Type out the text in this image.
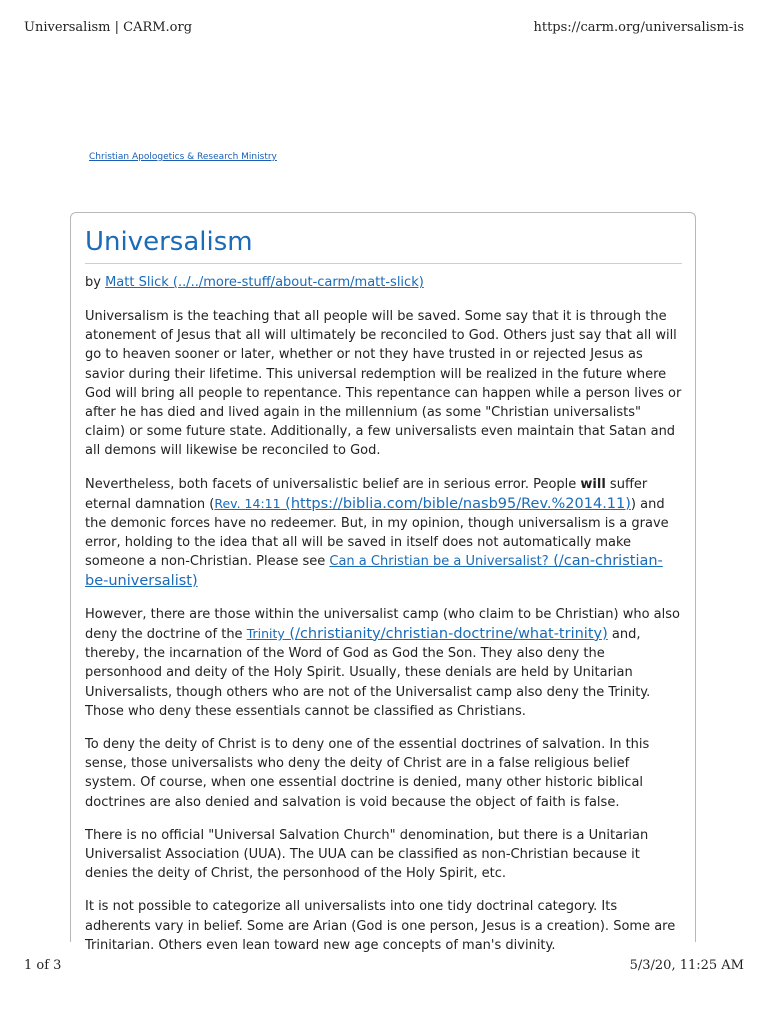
Universalism | CARM.org	https://carm.org/universalism-is
Christian Apologetics & Research Ministry
Universalism
by Matt Slick (../../more-stuff/about-carm/matt-slick)

Universalism is the teaching that all people will be saved. Some say that it is through the atonement of Jesus that all will ultimately be reconciled to God. Others just say that all will go to heaven sooner or later, whether or not they have trusted in or rejected Jesus as savior during their lifetime. This universal redemption will be realized in the future where God will bring all people to repentance. This repentance can happen while a person lives or after he has died and lived again in the millennium (as some "Christian universalists" claim) or some future state. Additionally, a few universalists even maintain that Satan and all demons will likewise be reconciled to God.

Nevertheless, both facets of universalistic belief are in serious error. People will suffer eternal damnation (Rev. 14:11 (https://biblia.com/bible/nasb95/Rev.%2014.11)) and the demonic forces have no redeemer. But, in my opinion, though universalism is a grave error, holding to the idea that all will be saved in itself does not automatically make someone a non-Christian. Please see Can a Christian be a Universalist? (/can-christian-be-universalist)

However, there are those within the universalist camp (who claim to be Christian) who also deny the doctrine of the Trinity (/christianity/christian-doctrine/what-trinity) and, thereby, the incarnation of the Word of God as God the Son. They also deny the personhood and deity of the Holy Spirit. Usually, these denials are held by Unitarian Universalists, though others who are not of the Universalist camp also deny the Trinity. Those who deny these essentials cannot be classified as Christians.

To deny the deity of Christ is to deny one of the essential doctrines of salvation. In this sense, those universalists who deny the deity of Christ are in a false religious belief system. Of course, when one essential doctrine is denied, many other historic biblical doctrines are also denied and salvation is void because the object of faith is false.

There is no official "Universal Salvation Church" denomination, but there is a Unitarian Universalist Association (UUA). The UUA can be classified as non-Christian because it denies the deity of Christ, the personhood of the Holy Spirit, etc.

It is not possible to categorize all universalists into one tidy doctrinal category. Its adherents vary in belief. Some are Arian (God is one person, Jesus is a creation). Some are Trinitarian. Others even lean toward new age concepts of man's divinity.

1 of 3	5/3/20, 11:25 AM
